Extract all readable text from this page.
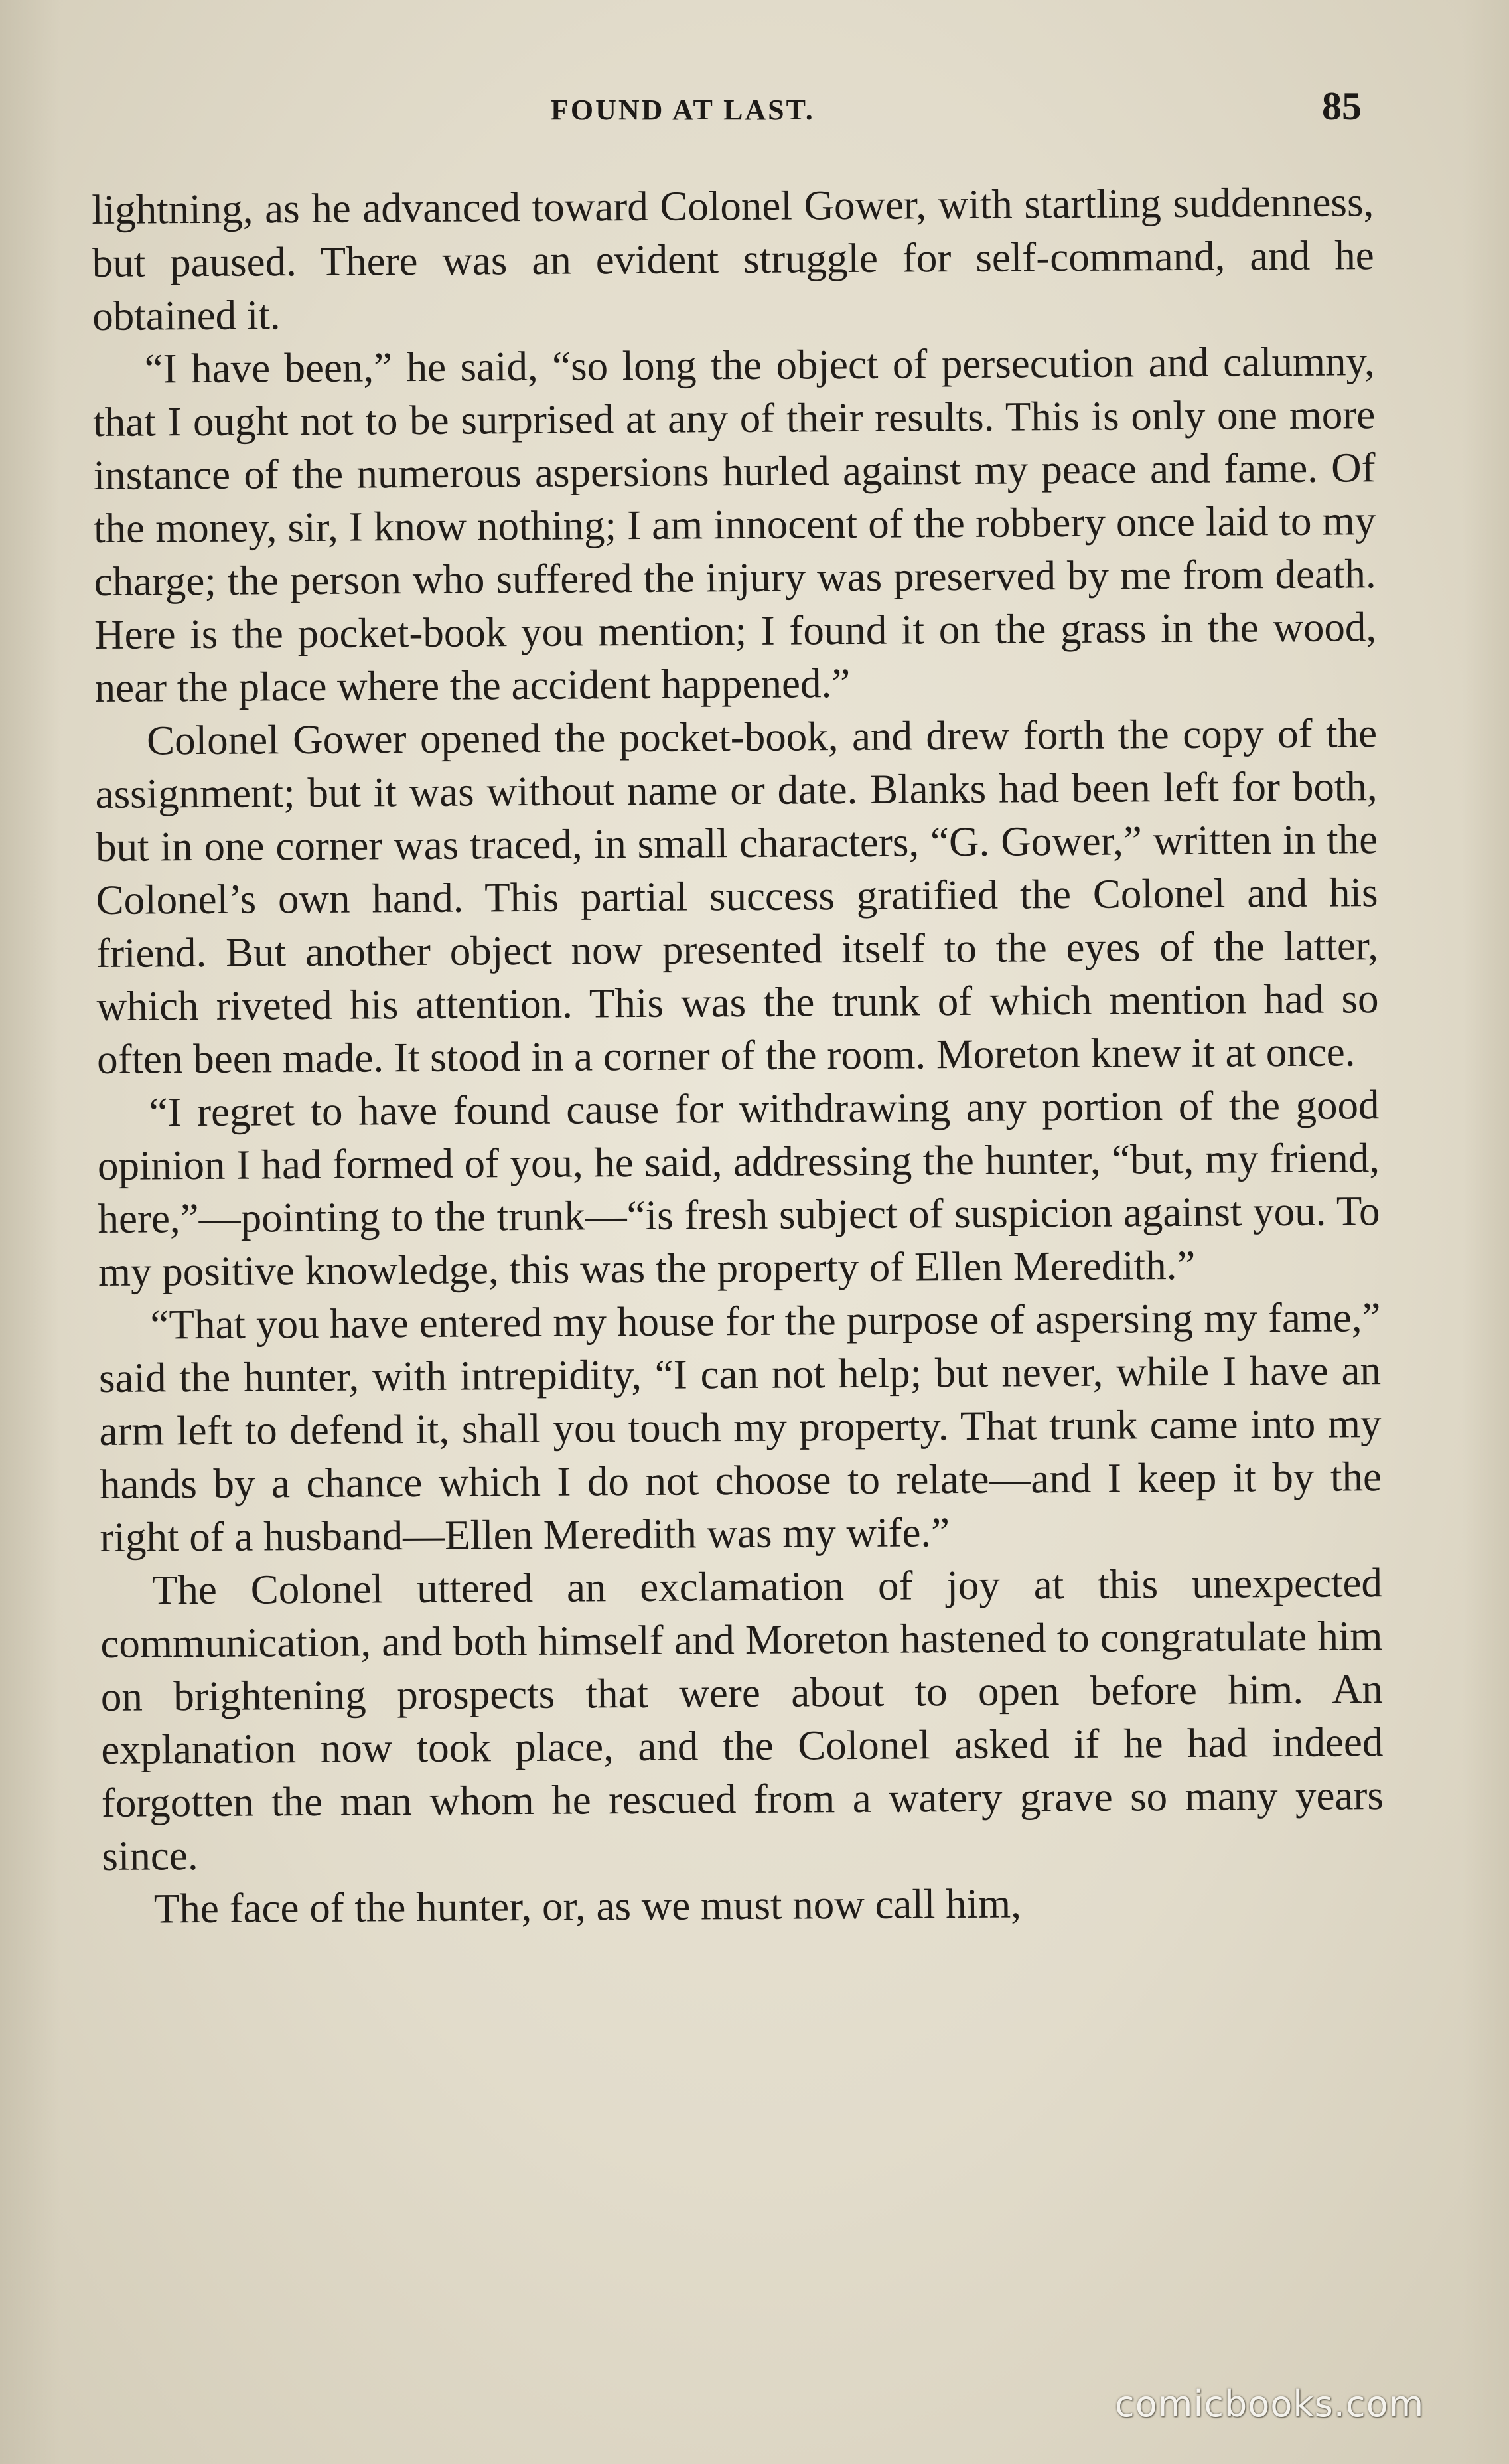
FOUND AT LAST.	85

lightning, as he advanced toward Colonel Gower, with startling suddenness, but paused. There was an evident struggle for self-command, and he obtained it.

“I have been,” he said, “so long the object of persecution and calumny, that I ought not to be surprised at any of their results. This is only one more instance of the numerous aspersions hurled against my peace and fame. Of the money, sir, I know nothing; I am innocent of the robbery once laid to my charge; the person who suffered the injury was preserved by me from death. Here is the pocket-book you mention; I found it on the grass in the wood, near the place where the accident happened.”

Colonel Gower opened the pocket-book, and drew forth the copy of the assignment; but it was without name or date. Blanks had been left for both, but in one corner was traced, in small characters, “G. Gower,” written in the Colonel’s own hand. This partial success gratified the Colonel and his friend. But another object now presented itself to the eyes of the latter, which riveted his attention. This was the trunk of which mention had so often been made. It stood in a corner of the room. Moreton knew it at once.

“I regret to have found cause for withdrawing any portion of the good opinion I had formed of you, he said, addressing the hunter, “but, my friend, here,”—pointing to the trunk—“is fresh subject of suspicion against you. To my positive knowledge, this was the property of Ellen Meredith.”

“That you have entered my house for the purpose of aspersing my fame,” said the hunter, with intrepidity, “I can not help; but never, while I have an arm left to defend it, shall you touch my property. That trunk came into my hands by a chance which I do not choose to relate—and I keep it by the right of a husband—Ellen Meredith was my wife.”

The Colonel uttered an exclamation of joy at this unexpected communication, and both himself and Moreton hastened to congratulate him on brightening prospects that were about to open before him. An explanation now took place, and the Colonel asked if he had indeed forgotten the man whom he rescued from a watery grave so many years since.

The face of the hunter, or, as we must now call him,

comicbooks.com
